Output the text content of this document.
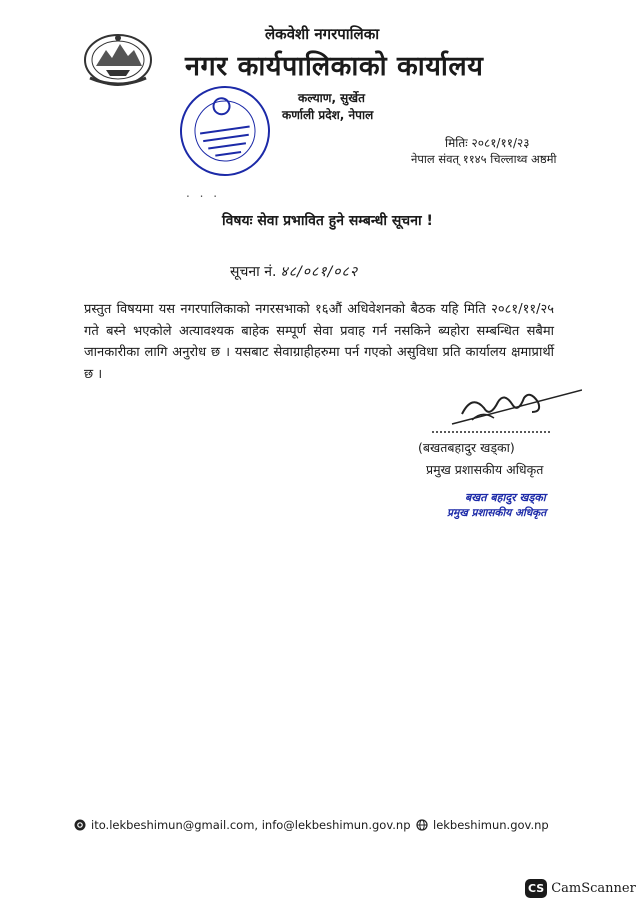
लेकवेशी नगरपालिका
नगर कार्यपालिकाको कार्यालय
कल्याण, सुर्खेत
कर्णाली प्रदेश, नेपाल
मितिः २०८१/११/२३
नेपाल संवत् ११४५ चिल्लाथ्व अष्ठमी
. . .
विषयः सेवा प्रभावित हुने सम्बन्धी सूचना !
सूचना नं. ४८/०८१/०८२
प्रस्तुत विषयमा यस नगरपालिकाको नगरसभाको १६औं अधिवेशनको बैठक यहि मिति २०८१/११/२५ गते बस्ने भएकोले अत्यावश्यक बाहेक सम्पूर्ण सेवा प्रवाह गर्न नसकिने ब्यहोरा सम्बन्धित सबैमा जानकारीका लागि अनुरोध छ । यसबाट सेवाग्राहीहरुमा पर्न गएको असुविधा प्रति कार्यालय क्षमाप्रार्थी छ ।
(बखतबहादुर खड्का)
प्रमुख प्रशासकीय अधिकृत
बखत बहादुर खड्का
प्रमुख प्रशासकीय अधिकृत
ito.lekbeshimun@gmail.com, info@lekbeshimun.gov.np lekbeshimun.gov.np
CS CamScanner
